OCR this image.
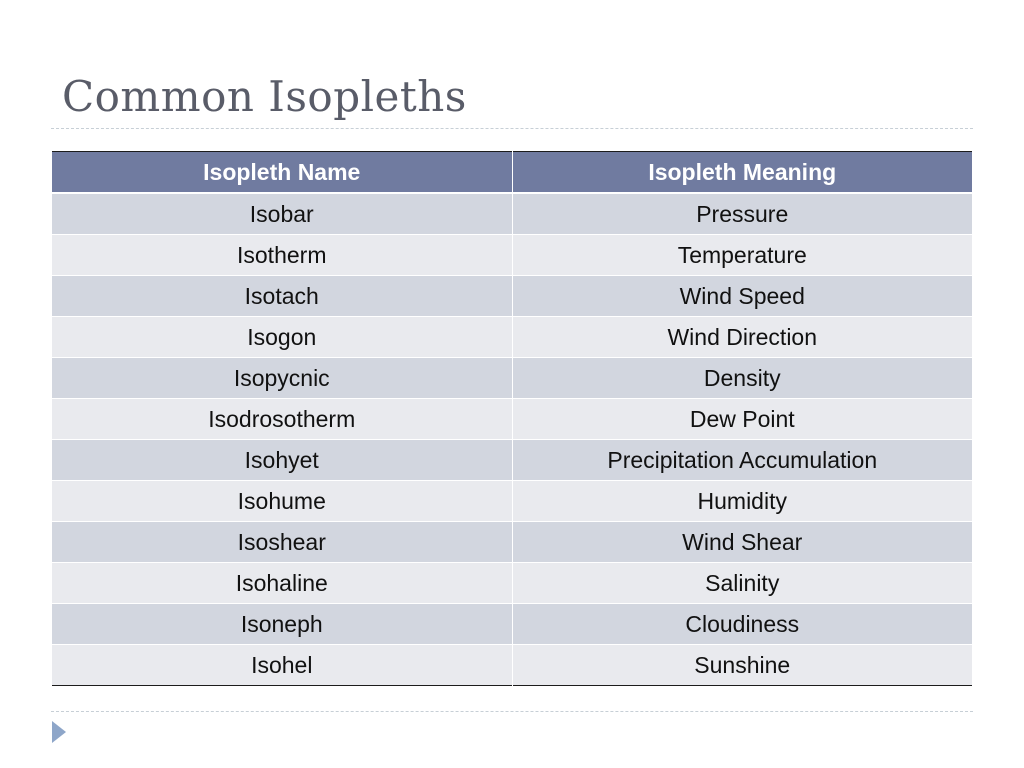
Common Isopleths
Isopleth Name	Isopleth Meaning
Isobar	Pressure
Isotherm	Temperature
Isotach	Wind Speed
Isogon	Wind Direction
Isopycnic	Density
Isodrosotherm	Dew Point
Isohyet	Precipitation Accumulation
Isohume	Humidity
Isoshear	Wind Shear
Isohaline	Salinity
Isoneph	Cloudiness
Isohel	Sunshine
